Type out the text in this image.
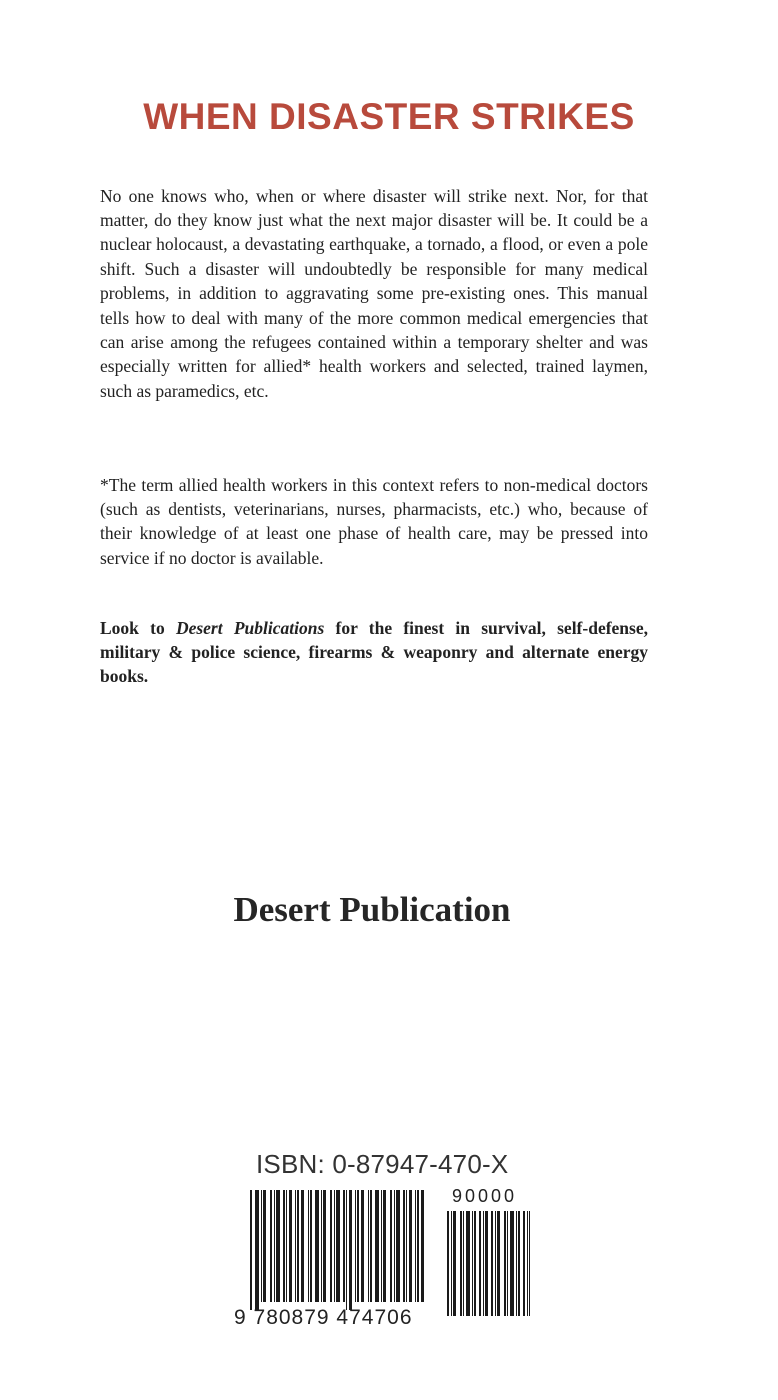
WHEN DISASTER STRIKES

No one knows who, when or where disaster will strike next. Nor, for that matter, do they know just what the next major disaster will be. It could be a nuclear holocaust, a devastating earthquake, a tornado, a flood, or even a pole shift. Such a disaster will undoubtedly be responsible for many medical problems, in addition to aggravating some pre-existing ones. This manual tells how to deal with many of the more common medical emergencies that can arise among the refugees contained within a temporary shelter and was especially written for allied* health workers and selected, trained laymen, such as paramedics, etc.

*The term allied health workers in this context refers to non-medical doctors (such as dentists, veterinarians, nurses, pharmacists, etc.) who, because of their knowledge of at least one phase of health care, may be pressed into service if no doctor is available.

Look to Desert Publications for the finest in survival, self-defense, military & police science, firearms & weaponry and alternate energy books.

Desert Publication
ISBN: 0-87947-470-X
90000
9 780879 474706
